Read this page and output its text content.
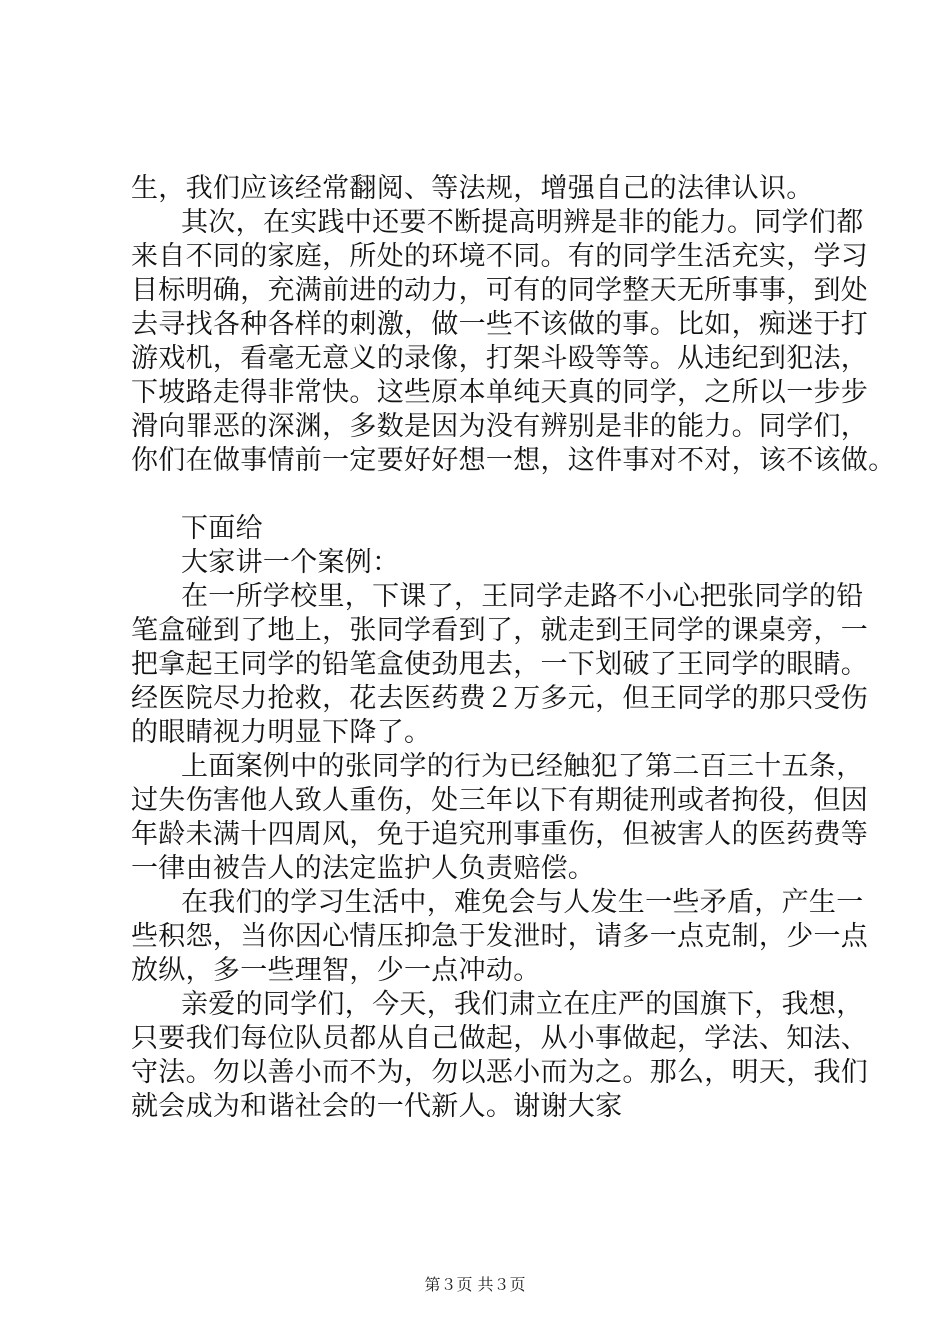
生，我们应该经常翻阅、等法规，增强自己的法律认识。
其次，在实践中还要不断提高明辨是非的能力。同学们都
来自不同的家庭，所处的环境不同。有的同学生活充实，学习
目标明确，充满前进的动力，可有的同学整天无所事事，到处
去寻找各种各样的刺激，做一些不该做的事。比如，痴迷于打
游戏机，看毫无意义的录像，打架斗殴等等。从违纪到犯法，
下坡路走得非常快。这些原本单纯天真的同学，之所以一步步
滑向罪恶的深渊，多数是因为没有辨别是非的能力。同学们，
你们在做事情前一定要好好想一想，这件事对不对，该不该做。
下面给
大家讲一个案例：
在一所学校里，下课了，王同学走路不小心把张同学的铅
笔盒碰到了地上，张同学看到了，就走到王同学的课桌旁，一
把拿起王同学的铅笔盒使劲甩去，一下划破了王同学的眼睛。
经医院尽力抢救，花去医药费２万多元，但王同学的那只受伤
的眼睛视力明显下降了。
上面案例中的张同学的行为已经触犯了第二百三十五条，
过失伤害他人致人重伤，处三年以下有期徒刑或者拘役，但因
年龄未满十四周风，免于追究刑事重伤，但被害人的医药费等
一律由被告人的法定监护人负责赔偿。
在我们的学习生活中，难免会与人发生一些矛盾，产生一
些积怨，当你因心情压抑急于发泄时，请多一点克制，少一点
放纵，多一些理智，少一点冲动。
亲爱的同学们，今天，我们肃立在庄严的国旗下，我想，
只要我们每位队员都从自己做起，从小事做起，学法、知法、
守法。勿以善小而不为，勿以恶小而为之。那么，明天，我们
就会成为和谐社会的一代新人。谢谢大家
第３页 共３页
